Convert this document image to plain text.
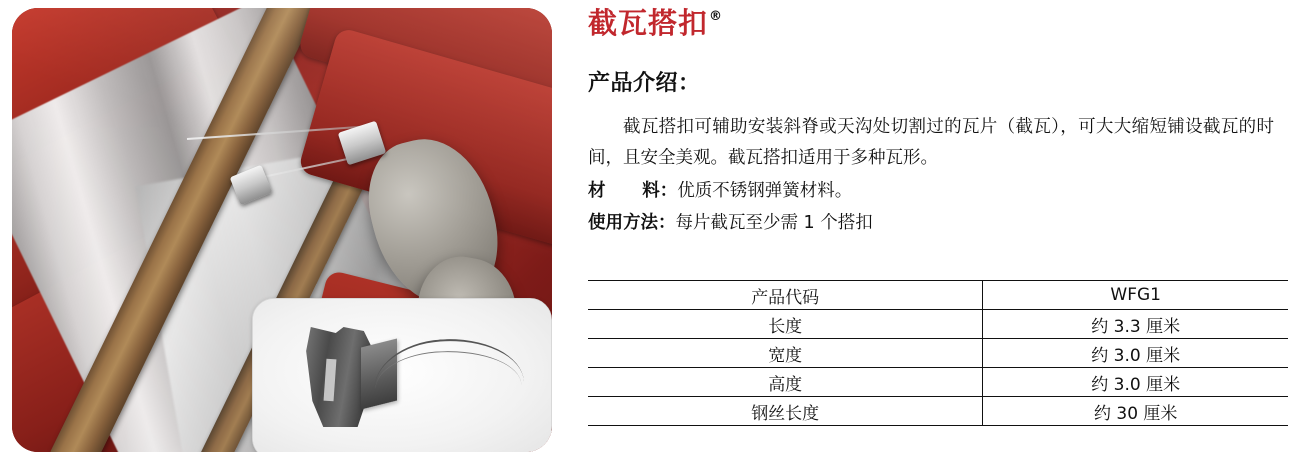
截瓦搭扣 ®
产品介绍：
截瓦搭扣可辅助安装斜脊或天沟处切割过的瓦片（截瓦），可大大缩短铺设截瓦的时间，且安全美观。截瓦搭扣适用于多种瓦形。
材 料：优质不锈钢弹簧材料。
使用方法：每片截瓦至少需 1 个搭扣
产品代码	WFG1
长度	约 3.3 厘米
宽度	约 3.0 厘米
高度	约 3.0 厘米
钢丝长度	约 30 厘米
